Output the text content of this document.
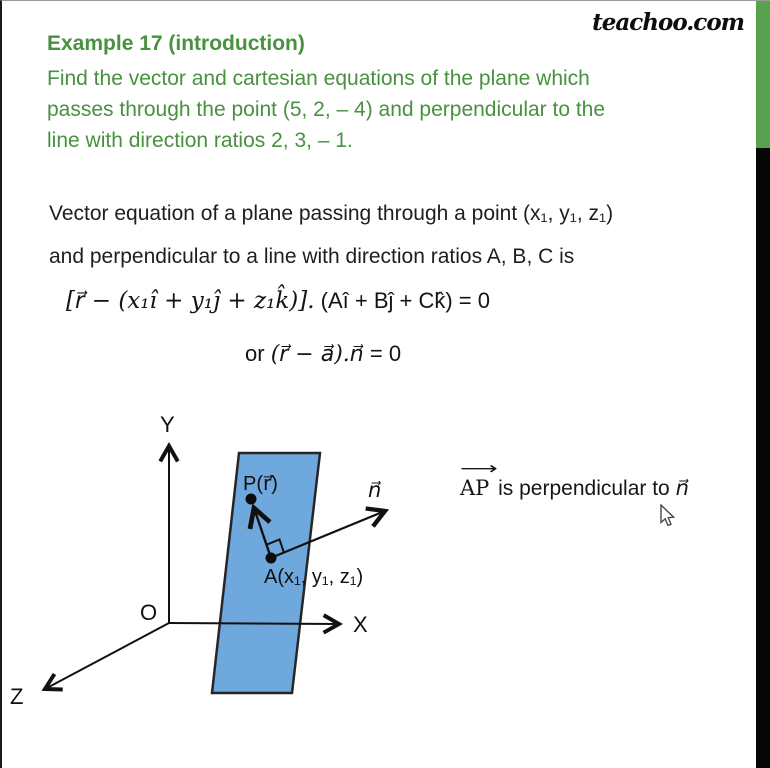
teachoo.com
Example 17 (introduction)
Find the vector and cartesian equations of the plane which
passes through the point (5, 2, – 4) and perpendicular to the
line with direction ratios 2, 3, – 1.
Vector equation of a plane passing through a point (x₁, y₁, z₁)
and perpendicular to a line with direction ratios A, B, C is
[r⃗ − (x₁î + y₁ĵ + z₁k̂)]. (Aî + Bĵ + Ck̂) = 0
or (r⃗ − a⃗).n⃗ = 0
Y
X
Z
O
P(r⃗)
A(x₁, y₁, z₁)
n⃗
⟶
AP is perpendicular to n⃗
